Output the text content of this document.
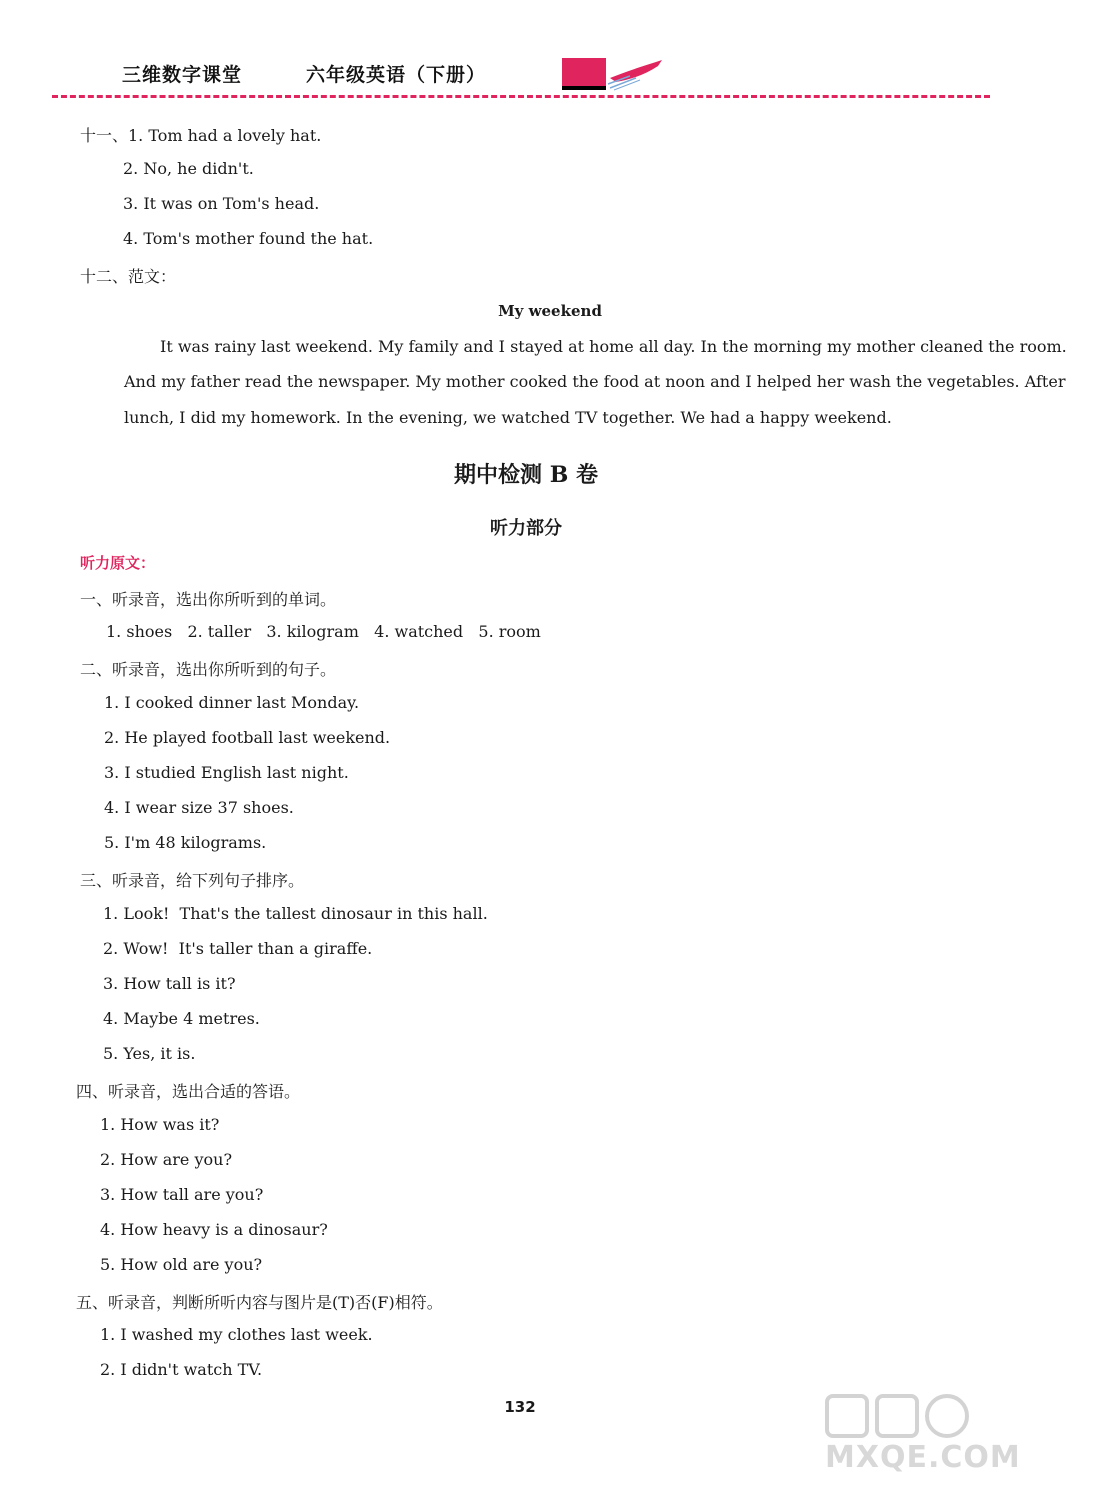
三维数字课堂	六年级英语（下册）
十一、1. Tom had a lovely hat.
2. No, he didn't.
3. It was on Tom's head.
4. Tom's mother found the hat.
十二、范文：
My weekend

It was rainy last weekend. My family and I stayed at home all day. In the morning my mother cleaned the room.

And my father read the newspaper. My mother cooked the food at noon and I helped her wash the vegetables. After

lunch, I did my homework. In the evening, we watched TV together. We had a happy weekend.

期中检测 B 卷
听力部分
听力原文：
一、听录音，选出你所听到的单词。
1. shoes   2. taller   3. kilogram   4. watched   5. room
二、听录音，选出你所听到的句子。
1. I cooked dinner last Monday.
2. He played football last weekend.
3. I studied English last night.
4. I wear size 37 shoes.
5. I'm 48 kilograms.
三、听录音，给下列句子排序。
1. Look!  That's the tallest dinosaur in this hall.
2. Wow!  It's taller than a giraffe.
3. How tall is it?
4. Maybe 4 metres.
5. Yes, it is.
四、听录音，选出合适的答语。
1. How was it?
2. How are you?
3. How tall are you?
4. How heavy is a dinosaur?
5. How old are you?
五、听录音，判断所听内容与图片是(T)否(F)相符。
1. I washed my clothes last week.
2. I didn't watch TV.
132
MXQE.COM
